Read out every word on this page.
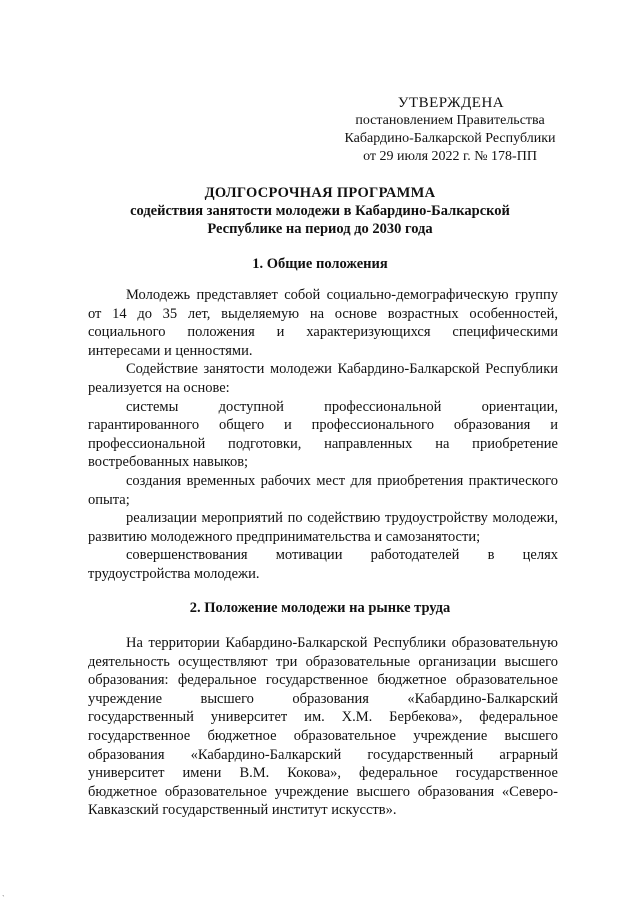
УТВЕРЖДЕНА
постановлением Правительства
Кабардино-Балкарской Республики
от 29 июля 2022 г. № 178-ПП
ДОЛГОСРОЧНАЯ ПРОГРАММА
содействия занятости молодежи в Кабардино-Балкарской
Республике на период до 2030 года
1. Общие положения

Молодежь представляет собой социально-демографическую группу от 14 до 35 лет, выделяемую на основе возрастных особенностей, социального положения и характеризующихся специфическими интересами и ценностями.

Содействие занятости молодежи Кабардино-Балкарской Республики реализуется на основе:

системы доступной профессиональной ориентации, гарантированного общего и профессионального образования и профессиональной подготовки, направленных на приобретение востребованных навыков;

создания временных рабочих мест для приобретения практического опыта;

реализации мероприятий по содействию трудоустройству молодежи, развитию молодежного предпринимательства и самозанятости;

совершенствования мотивации работодателей в целях трудоустройства молодежи.

2. Положение молодежи на рынке труда

На территории Кабардино-Балкарской Республики образовательную деятельность осуществляют три образовательные организации высшего образования: федеральное государственное бюджетное образовательное учреждение высшего образования «Кабардино-Балкарский государственный университет им. Х.М. Бербекова», федеральное государственное бюджетное образовательное учреждение высшего образования «Кабардино-Балкарский государственный аграрный университет имени В.М. Кокова», федеральное государственное бюджетное образовательное учреждение высшего образования «Северо-Кавказский государственный институт искусств».

`
